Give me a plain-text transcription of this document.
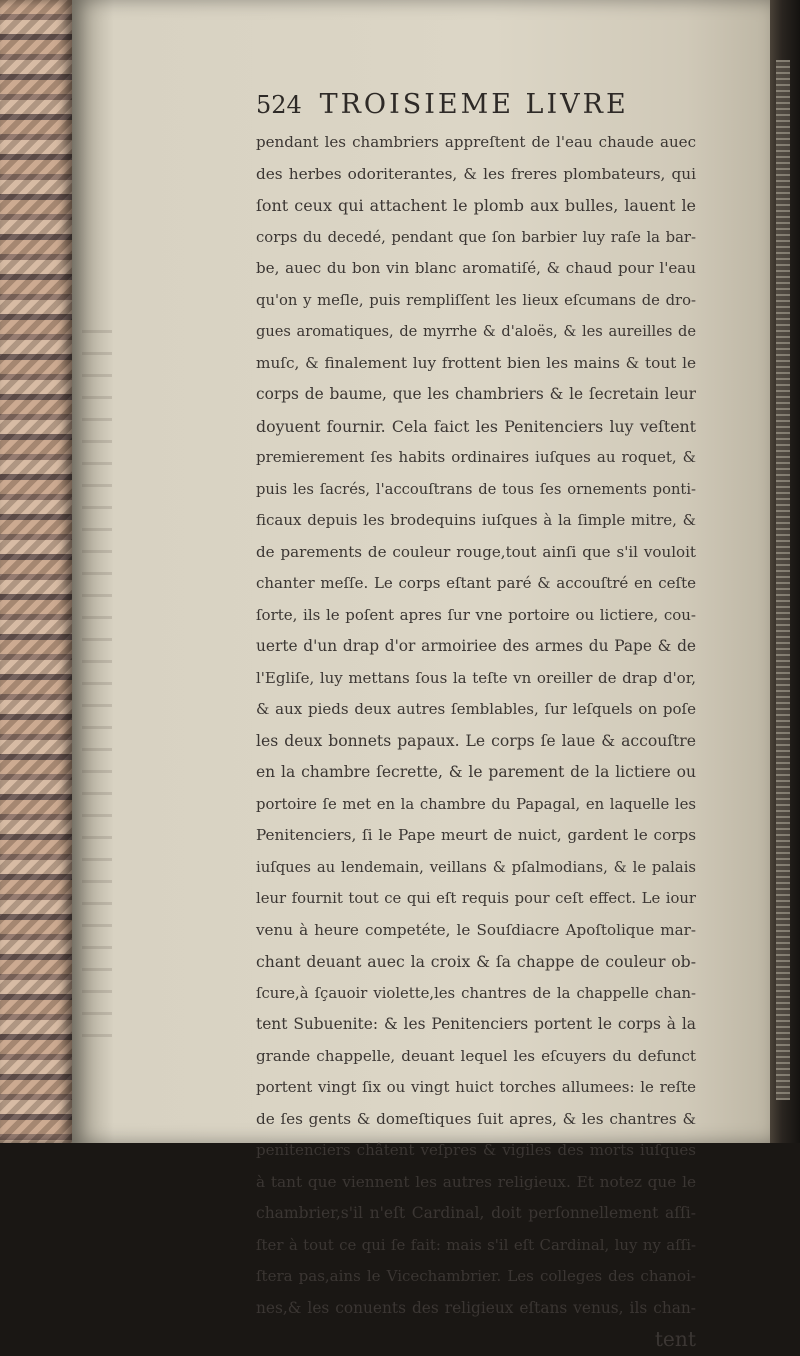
524 TROISIEME LIVRE
pendant les chambriers appreſtent de l'eau chaude auec
des herbes odoriterantes, & les freres plombateurs, qui
ſont ceux qui attachent le plomb aux bulles, lauent le
corps du decedé, pendant que ſon barbier luy raſe la bar-
be, auec du bon vin blanc aromatiſé, & chaud pour l'eau
qu'on y meſle, puis rempliſſent les lieux eſcumans de dro-
gues aromatiques, de myrrhe & d'aloës, & les aureilles de
muſc, & finalement luy frottent bien les mains & tout le
corps de baume, que les chambriers & le ſecretain leur
doyuent fournir. Cela faict les Penitenciers luy veſtent
premierement ſes habits ordinaires iuſques au roquet, &
puis les ſacrés, l'accouſtrans de tous ſes ornements ponti-
ficaux depuis les brodequins iuſques à la ſimple mitre, &
de parements de couleur rouge,tout ainſi que s'il vouloit
chanter meſſe. Le corps eſtant paré & accouſtré en ceſte
ſorte, ils le poſent apres ſur vne portoire ou lictiere, cou-
uerte d'un drap d'or armoiriee des armes du Pape & de
l'Egliſe, luy mettans ſous la teſte vn oreiller de drap d'or,
& aux pieds deux autres ſemblables, ſur leſquels on poſe
les deux bonnets papaux. Le corps ſe laue & accouſtre
en la chambre ſecrette, & le parement de la lictiere ou
portoire ſe met en la chambre du Papagal, en laquelle les
Penitenciers, ſi le Pape meurt de nuict, gardent le corps
iuſques au lendemain, veillans & pſalmodians, & le palais
leur fournit tout ce qui eſt requis pour ceſt effect. Le iour
venu à heure competéte, le Souſdiacre Apoſtolique mar-
chant deuant auec la croix & ſa chappe de couleur ob-
ſcure,à ſçauoir violette,les chantres de la chappelle chan-
tent Subuenite: & les Penitenciers portent le corps à la
grande chappelle, deuant lequel les eſcuyers du defunct
portent vingt ſix ou vingt huict torches allumees: le reſte
de ſes gents & domeſtiques ſuit apres, & les chantres &
penitenciers châtent veſpres & vigiles des morts iuſques
à tant que viennent les autres religieux. Et notez que le
chambrier,s'il n'eſt Cardinal, doit perſonnellement aſſi-
ſter à tout ce qui ſe fait: mais s'il eſt Cardinal, luy ny aſſi-
ſtera pas,ains le Vicechambrier. Les colleges des chanoi-
nes,& les conuents des religieux eſtans venus, ils chan-
tent
